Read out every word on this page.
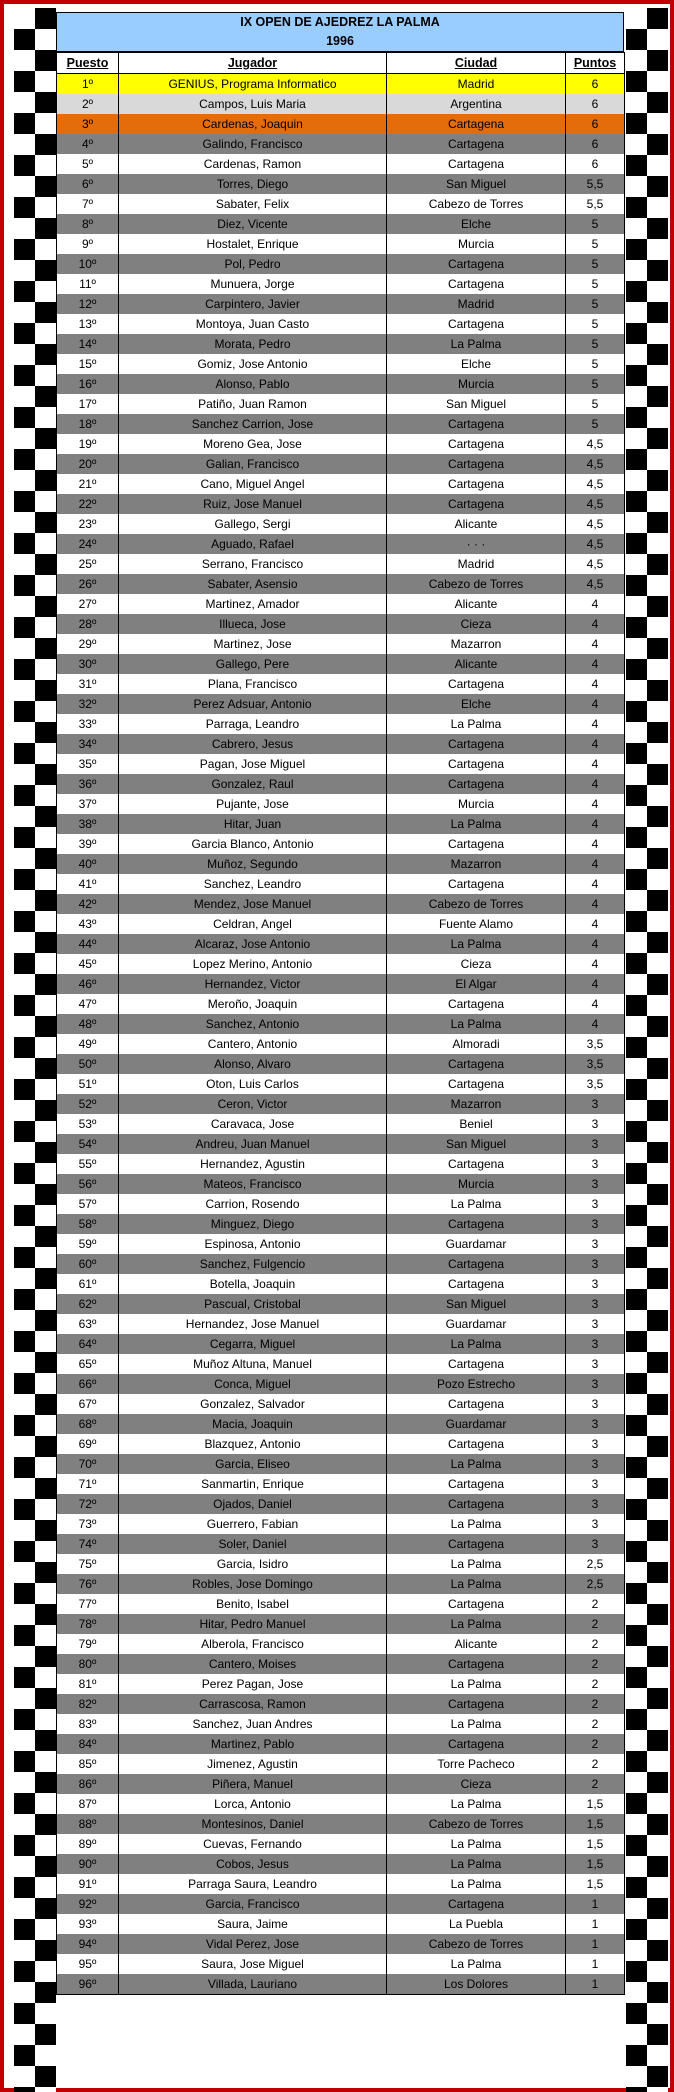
IX OPEN DE AJEDREZ LA PALMA
1996
Puesto	Jugador	Ciudad	Puntos
1º	GENIUS, Programa Informatico	Madrid	6
2º	Campos, Luis Maria	Argentina	6
3º	Cardenas, Joaquin	Cartagena	6
4º	Galindo, Francisco	Cartagena	6
5º	Cardenas, Ramon	Cartagena	6
6º	Torres, Diego	San Miguel	5,5
7º	Sabater, Felix	Cabezo de Torres	5,5
8º	Diez, Vicente	Elche	5
9º	Hostalet, Enrique	Murcia	5
10º	Pol, Pedro	Cartagena	5
11º	Munuera, Jorge	Cartagena	5
12º	Carpintero, Javier	Madrid	5
13º	Montoya, Juan Casto	Cartagena	5
14º	Morata, Pedro	La Palma	5
15º	Gomiz, Jose Antonio	Elche	5
16º	Alonso, Pablo	Murcia	5
17º	Patiño, Juan Ramon	San Miguel	5
18º	Sanchez Carrion, Jose	Cartagena	5
19º	Moreno Gea, Jose	Cartagena	4,5
20º	Galian, Francisco	Cartagena	4,5
21º	Cano, Miguel Angel	Cartagena	4,5
22º	Ruiz, Jose Manuel	Cartagena	4,5
23º	Gallego, Sergi	Alicante	4,5
24º	Aguado, Rafael	· · ·	4,5
25º	Serrano, Francisco	Madrid	4,5
26º	Sabater, Asensio	Cabezo de Torres	4,5
27º	Martinez, Amador	Alicante	4
28º	Illueca, Jose	Cieza	4
29º	Martinez, Jose	Mazarron	4
30º	Gallego, Pere	Alicante	4
31º	Plana, Francisco	Cartagena	4
32º	Perez Adsuar, Antonio	Elche	4
33º	Parraga, Leandro	La Palma	4
34º	Cabrero, Jesus	Cartagena	4
35º	Pagan, Jose Miguel	Cartagena	4
36º	Gonzalez, Raul	Cartagena	4
37º	Pujante, Jose	Murcia	4
38º	Hitar, Juan	La Palma	4
39º	Garcia Blanco, Antonio	Cartagena	4
40º	Muñoz, Segundo	Mazarron	4
41º	Sanchez, Leandro	Cartagena	4
42º	Mendez, Jose Manuel	Cabezo de Torres	4
43º	Celdran, Angel	Fuente Alamo	4
44º	Alcaraz, Jose Antonio	La Palma	4
45º	Lopez Merino, Antonio	Cieza	4
46º	Hernandez, Victor	El Algar	4
47º	Meroño, Joaquin	Cartagena	4
48º	Sanchez, Antonio	La Palma	4
49º	Cantero, Antonio	Almoradi	3,5
50º	Alonso, Alvaro	Cartagena	3,5
51º	Oton, Luis Carlos	Cartagena	3,5
52º	Ceron, Victor	Mazarron	3
53º	Caravaca, Jose	Beniel	3
54º	Andreu, Juan Manuel	San Miguel	3
55º	Hernandez, Agustin	Cartagena	3
56º	Mateos, Francisco	Murcia	3
57º	Carrion, Rosendo	La Palma	3
58º	Minguez, Diego	Cartagena	3
59º	Espinosa, Antonio	Guardamar	3
60º	Sanchez, Fulgencio	Cartagena	3
61º	Botella, Joaquin	Cartagena	3
62º	Pascual, Cristobal	San Miguel	3
63º	Hernandez, Jose Manuel	Guardamar	3
64º	Cegarra, Miguel	La Palma	3
65º	Muñoz Altuna, Manuel	Cartagena	3
66º	Conca, Miguel	Pozo Estrecho	3
67º	Gonzalez, Salvador	Cartagena	3
68º	Macia, Joaquin	Guardamar	3
69º	Blazquez, Antonio	Cartagena	3
70º	Garcia, Eliseo	La Palma	3
71º	Sanmartin, Enrique	Cartagena	3
72º	Ojados, Daniel	Cartagena	3
73º	Guerrero, Fabian	La Palma	3
74º	Soler, Daniel	Cartagena	3
75º	Garcia, Isidro	La Palma	2,5
76º	Robles, Jose Domingo	La Palma	2,5
77º	Benito, Isabel	Cartagena	2
78º	Hitar, Pedro Manuel	La Palma	2
79º	Alberola, Francisco	Alicante	2
80º	Cantero, Moises	Cartagena	2
81º	Perez Pagan, Jose	La Palma	2
82º	Carrascosa, Ramon	Cartagena	2
83º	Sanchez, Juan Andres	La Palma	2
84º	Martinez, Pablo	Cartagena	2
85º	Jimenez, Agustin	Torre Pacheco	2
86º	Piñera, Manuel	Cieza	2
87º	Lorca, Antonio	La Palma	1,5
88º	Montesinos, Daniel	Cabezo de Torres	1,5
89º	Cuevas, Fernando	La Palma	1,5
90º	Cobos, Jesus	La Palma	1,5
91º	Parraga Saura, Leandro	La Palma	1,5
92º	Garcia, Francisco	Cartagena	1
93º	Saura, Jaime	La Puebla	1
94º	Vidal Perez, Jose	Cabezo de Torres	1
95º	Saura, Jose Miguel	La Palma	1
96º	Villada, Lauriano	Los Dolores	1
